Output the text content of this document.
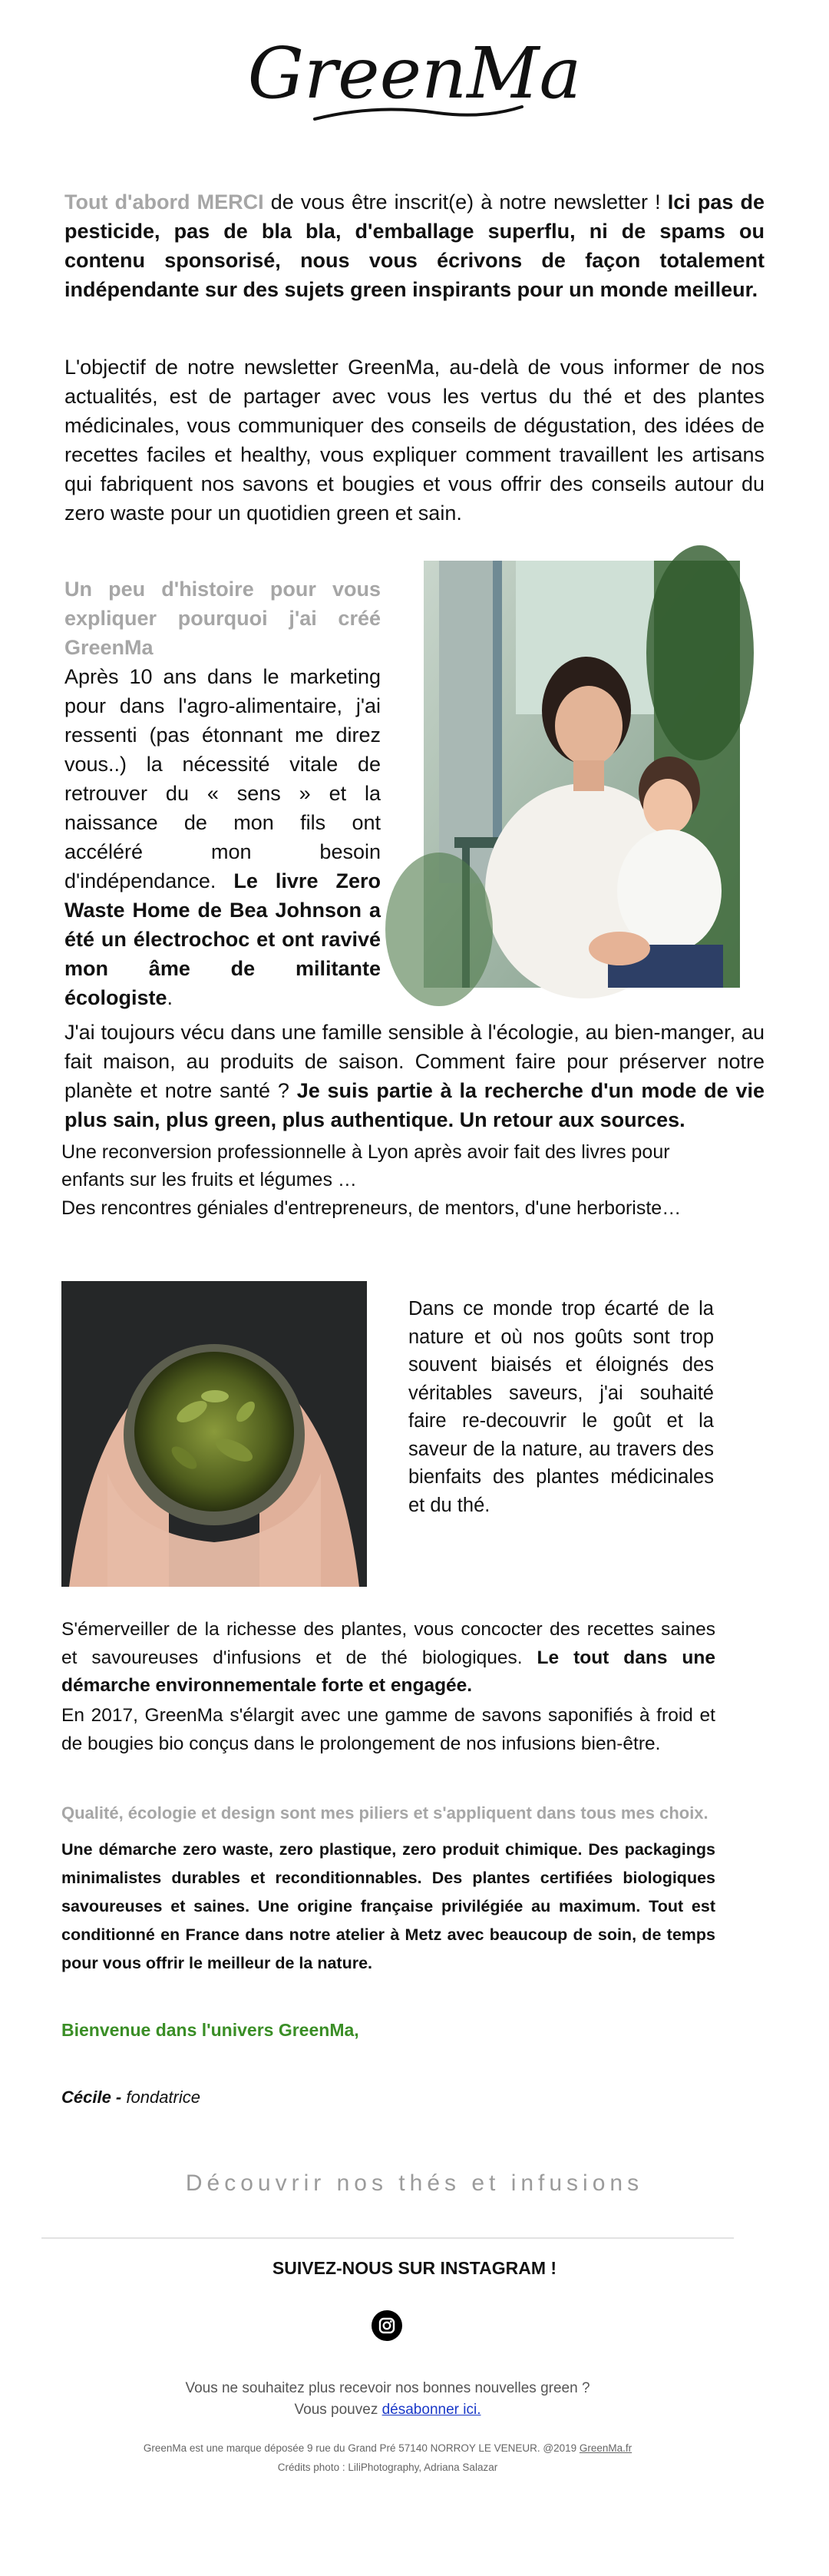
GreenMa
Tout d'abord MERCI de vous être inscrit(e) à notre newsletter ! Ici pas de pesticide, pas de bla bla, d'emballage superflu, ni de spams ou contenu sponsorisé, nous vous écrivons de façon totalement indépendante sur des sujets green inspirants pour un monde meilleur.
L'objectif de notre newsletter GreenMa, au-delà de vous informer de nos actualités, est de partager avec vous les vertus du thé et des plantes médicinales, vous communiquer des conseils de dégustation, des idées de recettes faciles et healthy, vous expliquer comment travaillent les artisans qui fabriquent nos savons et bougies et vous offrir des conseils autour du zero waste pour un quotidien green et sain.
Un peu d'histoire pour vous expliquer pourquoi j'ai créé GreenMa
Après 10 ans dans le marketing pour dans l'agro-alimentaire, j'ai ressenti (pas étonnant me direz vous..) la nécessité vitale de retrouver du « sens » et la naissance de mon fils ont accéléré mon besoin d'indépendance. Le livre Zero Waste Home de Bea Johnson a été un électrochoc et ont ravivé mon âme de militante écologiste.
J'ai toujours vécu dans une famille sensible à l'écologie, au bien-manger, au fait maison, au produits de saison. Comment faire pour préserver notre planète et notre santé ? Je suis partie à la recherche d'un mode de vie plus sain, plus green, plus authentique. Un retour aux sources.
Une reconversion professionnelle à Lyon après avoir fait des livres pour enfants sur les fruits et légumes …
Des rencontres géniales d'entrepreneurs, de mentors, d'une herboriste…
Dans ce monde trop écarté de la nature et où nos goûts sont trop souvent biaisés et éloignés des véritables saveurs, j'ai souhaité faire re-decouvrir le goût et la saveur de la nature, au travers des bienfaits des plantes médicinales et du thé.
S'émerveiller de la richesse des plantes, vous concocter des recettes saines et savoureuses d'infusions et de thé biologiques. Le tout dans une démarche environnementale forte et engagée.
En 2017, GreenMa s'élargit avec une gamme de savons saponifiés à froid et de bougies bio conçus dans le prolongement de nos infusions bien-être.
Qualité, écologie et design sont mes piliers et s'appliquent dans tous mes choix.
Une démarche zero waste, zero plastique, zero produit chimique. Des packagings minimalistes durables et reconditionnables. Des plantes certifiées biologiques savoureuses et saines. Une origine française privilégiée au maximum. Tout est conditionné en France dans notre atelier à Metz avec beaucoup de soin, de temps pour vous offrir le meilleur de la nature.
Bienvenue dans l'univers GreenMa,
Cécile - fondatrice
Découvrir nos thés et infusions
SUIVEZ-NOUS SUR INSTAGRAM !
Vous ne souhaitez plus recevoir nos bonnes nouvelles green ?
Vous pouvez désabonner ici.
GreenMa est une marque déposée 9 rue du Grand Pré 57140 NORROY LE VENEUR. @2019 GreenMa.fr
Crédits photo : LiliPhotography, Adriana Salazar
